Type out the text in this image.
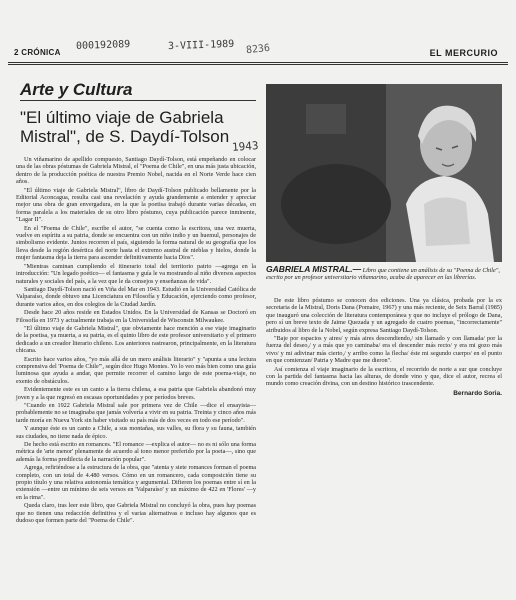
2 CRÓNICA
000192089	3-VIII-1989
EL MERCURIO
8236
Arte y Cultura
"El último viaje de Gabriela Mistral", de S. Daydí-Tolson
1943

Un viñamarino de apellido compuesto, Santiago Daydí-Tolson, está empeñando en colocar una de las obras póstumas de Gabriela Mistral, el "Poema de Chile", en una más justa ubicación, dentro de la producción poética de nuestra Premio Nobel, nacida en el Norte Verde hace cien años.

"El último viaje de Gabriela Mistral", libro de Daydí-Tolson publicado bellamente por la Editorial Aconcagua, resulta casi una revelación y ayuda grandemente a entender y apreciar mejor una obra de gran envergadura, en la que la poetisa trabajó durante varias décadas, en forma paralela a los materiales de su otro libro póstumo, cuya publicación parece inminente, "Lagar II".

En el "Poema de Chile", escribe el autor, "se cuenta como la escritora, una vez muerta, vuelve en espíritu a su patria, donde se encuentra con un niño indio y un huemul, personajes de simbolismo evidente. Juntos recorren el país, siguiendo la forma natural de su geografía que los lleva desde la región desértica del norte hasta el extremo austral de nieblas y hielos, donde la mujer fantasma deja la tierra para ascender definitivamente hacia Dios".

"Mientras caminan cumpliendo el itinerario total del territorio patrio —agrega en la introducción: "Un legado poético— el fantasma y guía le va mostrando al niño diversos aspectos naturales y sociales del país, a la vez que le da consejos y enseñanzas de vida".

Santiago Daydí-Tolson nació en Viña del Mar en 1943. Estudió en la Universidad Católica de Valparaíso, donde obtuvo una Licenciatura en Filosofía y Educación, ejerciendo como profesor, durante varios años, en dos colegios de la Ciudad Jardín.

Desde hace 20 años reside en Estados Unidos. En la Universidad de Kansas se Doctoró en Filosofía en 1973 y actualmente trabaja en la Universidad de Wisconsin Milwaukee.

"El último viaje de Gabriela Mistral", que obviamente hace mención a ese viaje imaginario de la poetisa, ya muerta, a su patria, es el quinto libro de este profesor universitario y el primero dedicado a un creador literario chileno. Los anteriores rastrearon, principalmente, en la literatura chicana.

Escrito hace varios años, "yo más allá de un mero análisis literario" y "apunta a una lectura comprensiva del 'Poema de Chile'", según dice Hugo Montes. Yo lo veo más bien como una guía luminosa que ayuda a andar, que permite recorrer el camino largo de este poema-viaje, no exento de obstáculos.

Evidentemente este es un canto a la tierra chilena, a esa patria que Gabriela abandonó muy joven y a la que regresó en escasas oportunidades y por períodos breves.

"Cuando en 1922 Gabriela Mistral sale por primera vez de Chile —dice el ensayista— probablemente no se imaginaba que jamás volvería a vivir en su patria. Treinta y cinco años más tarde moría en Nueva York sin haber visitado su país más de dos veces en todo ese período".

Y aunque éste es un canto a Chile, a sus montañas, sus valles, su flora y su fauna, también sus ciudades, no tiene nada de épico.

De hecho está escrito en romances. "El romance —explica el autor— no es ni sólo una forma métrica de 'arte menor' plenamente de acuerdo al tono menor preferido por la poeta—, sino que además la forma predilecta de la narración popular".

Agrega, refiriéndose a la estructura de la obra, que "atenta y siete romances forman el poema completo, con un total de 4.480 versos. Cómo en un romancero, cada composición tiene su propio título y una relativa autonomía temática y argumental. Difieren los poemas entre sí en la extensión —entre un mínimo de seis versos en 'Valparaíso' y un máximo de 422 en 'Flores' —y en la rima".

Queda claro, tras leer este libro, que Gabriela Mistral no concluyó la obra, pues hay poemas que no tienen una redacción definitiva y el varias alternativas e incluso hay algunos que es dudoso que formen parte del "Poema de Chile".

GABRIELA MISTRAL.— Libro que contiene un análisis de su "Poema de Chile", escrito por un profesor universitario viñamarino, acaba de aparecer en las librerías.

De este libro póstumo se conocen dos ediciones. Una ya clásica, probada por la ex secretaria de la Mistral, Doris Dana (Pomaire, 1967) y una más reciente, de Seix Barral (1985) que inauguró una colección de literatura contemporánea y que no incluye el prólogo de Dana, pero sí un breve texto de Jaime Quezada y un agregado de cuatro poemas, "incorrectamente" atribuidos al libro de la Nobel, según expresa Santiago Daydí-Tolson.

"Baje por espacios y aires/ y más aires descendiendo,/ sin llamado y con llamada/ por la fuerza del deseo,/ y a más que yo caminaba/ era el descender más recto/ y era mi gozo más vivo/ y mi adivinar más cierto,/ y arribo como la flecha/ éste mi segundo cuerpo/ en el punto en que comienzan/ Patria y Madre que me dieron".

Así comienza el viaje imaginario de la escritora, el recorrido de norte a sur que concluye con la partida del fantasma hacia las alturas, de donde vino y que, dice el autor, recrea el mundo como creación divina, con un destino histórico trascendente.

Bernardo Soria.
